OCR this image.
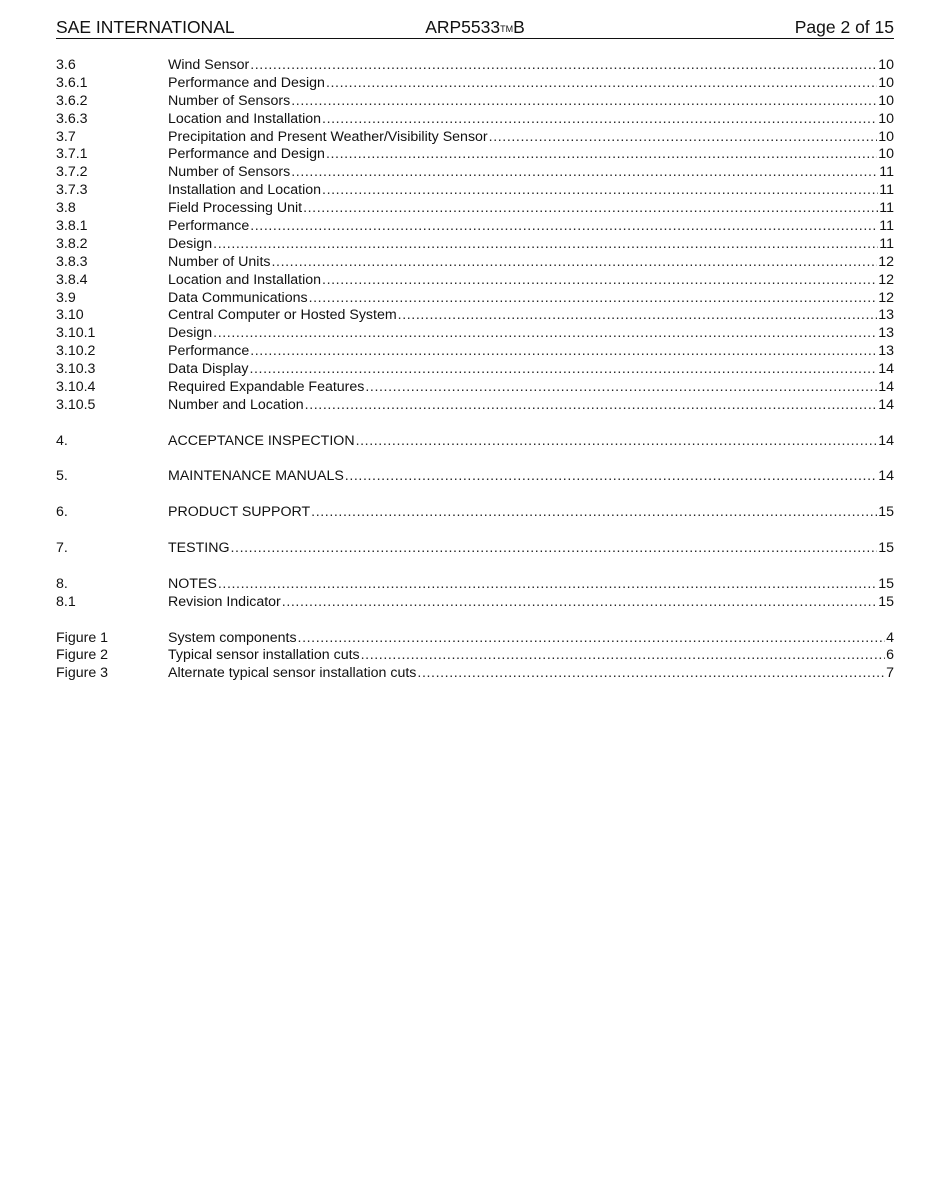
SAE INTERNATIONAL	ARP5533TMB	Page 2 of 15
3.6	Wind Sensor .....	10
3.6.1	Performance and Design .....	10
3.6.2	Number of Sensors .....	10
3.6.3	Location and Installation .....	10
3.7	Precipitation and Present Weather/Visibility Sensor .....	10
3.7.1	Performance and Design .....	10
3.7.2	Number of Sensors .....	11
3.7.3	Installation and Location .....	11
3.8	Field Processing Unit .....	11
3.8.1	Performance .....	11
3.8.2	Design .....	11
3.8.3	Number of Units .....	12
3.8.4	Location and Installation .....	12
3.9	Data Communications .....	12
3.10	Central Computer or Hosted System .....	13
3.10.1	Design .....	13
3.10.2	Performance .....	13
3.10.3	Data Display .....	14
3.10.4	Required Expandable Features .....	14
3.10.5	Number and Location .....	14
4.	ACCEPTANCE INSPECTION .....	14
5.	MAINTENANCE MANUALS .....	14
6.	PRODUCT SUPPORT .....	15
7.	TESTING .....	15
8.	NOTES .....	15
8.1	Revision Indicator .....	15
Figure 1	System components .....	4
Figure 2	Typical sensor installation cuts .....	6
Figure 3	Alternate typical sensor installation cuts .....	7
